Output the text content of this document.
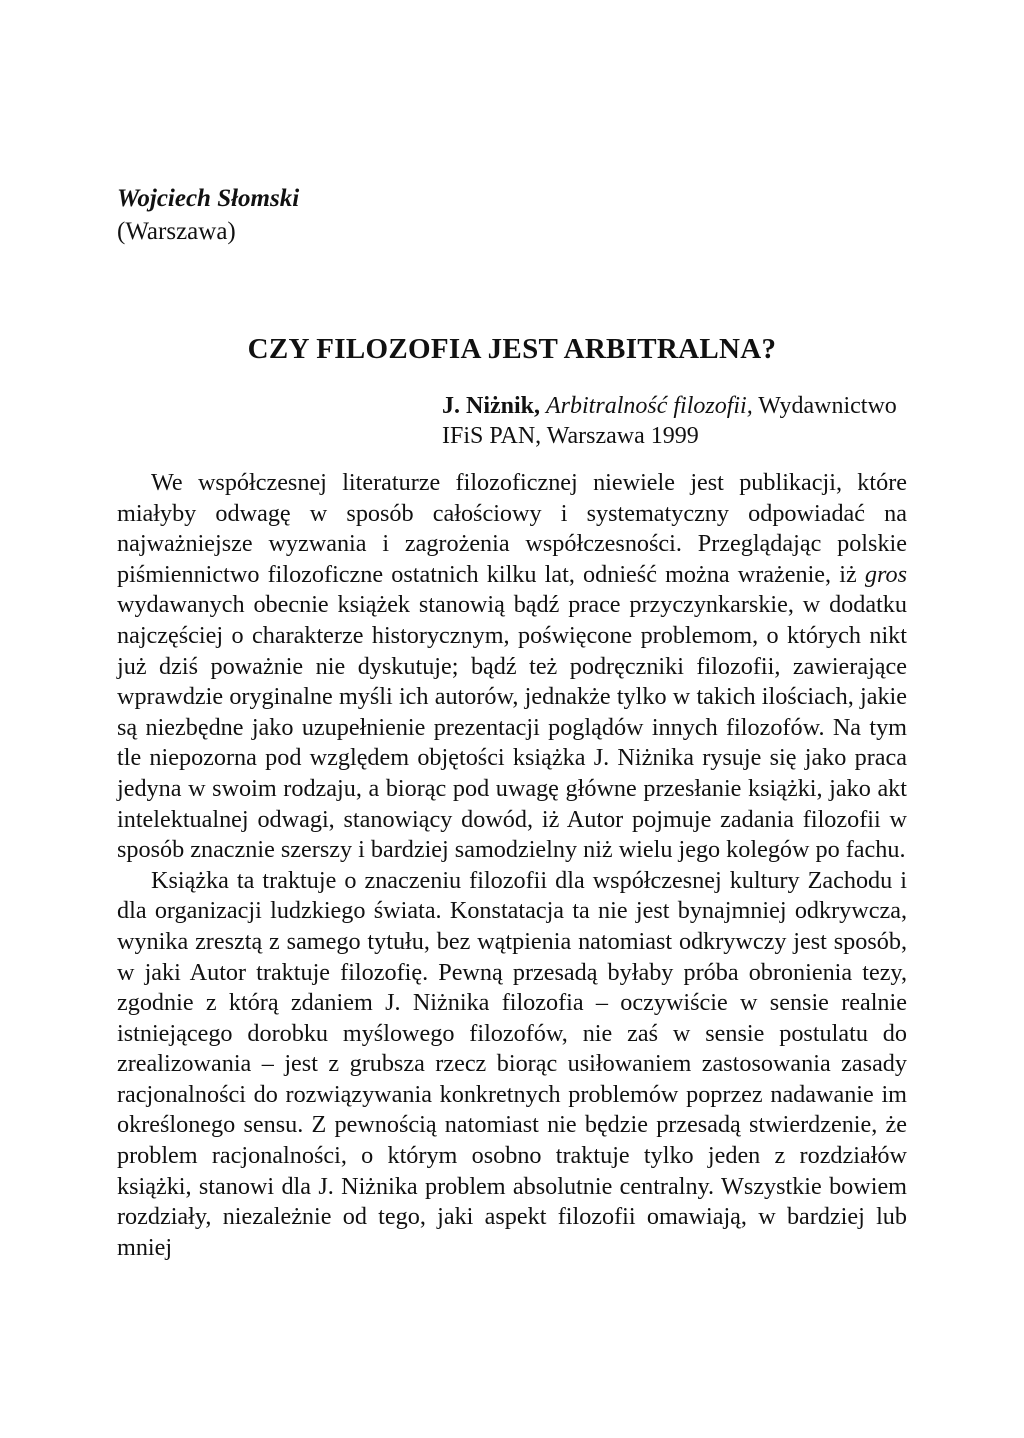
Wojciech Słomski
(Warszawa)
CZY FILOZOFIA JEST ARBITRALNA?
J. Niżnik, Arbitralność filozofii, Wydawnictwo IFiS PAN, Warszawa 1999

We współczesnej literaturze filozoficznej niewiele jest publikacji, które miałyby odwagę w sposób całościowy i systematyczny odpowiadać na najważniejsze wyzwania i zagrożenia współczesności. Przeglądając polskie piśmiennictwo filozoficzne ostatnich kilku lat, odnieść można wrażenie, iż gros wydawanych obecnie książek stanowią bądź prace przyczynkarskie, w dodatku najczęściej o charakterze historycznym, poświęcone problemom, o których nikt już dziś poważnie nie dyskutuje; bądź też podręczniki filozofii, zawierające wprawdzie oryginalne myśli ich autorów, jednakże tylko w takich ilościach, jakie są niezbędne jako uzupełnienie prezentacji poglądów innych filozofów. Na tym tle niepozorna pod względem objętości książka J. Niżnika rysuje się jako praca jedyna w swoim rodzaju, a biorąc pod uwagę główne przesłanie książki, jako akt intelektualnej odwagi, stanowiący dowód, iż Autor pojmuje zadania filozofii w sposób znacznie szerszy i bardziej samodzielny niż wielu jego kolegów po fachu.

Książka ta traktuje o znaczeniu filozofii dla współczesnej kultury Zachodu i dla organizacji ludzkiego świata. Konstatacja ta nie jest bynajmniej odkrywcza, wynika zresztą z samego tytułu, bez wątpienia natomiast odkrywczy jest sposób, w jaki Autor traktuje filozofię. Pewną przesadą byłaby próba obronienia tezy, zgodnie z którą zdaniem J. Niżnika filozofia – oczywiście w sensie realnie istniejącego dorobku myślowego filozofów, nie zaś w sensie postulatu do zrealizowania – jest z grubsza rzecz biorąc usiłowaniem zastosowania zasady racjonalności do rozwiązywania konkretnych problemów poprzez nadawanie im określonego sensu. Z pewnością natomiast nie będzie przesadą stwierdzenie, że problem racjonalności, o którym osobno traktuje tylko jeden z rozdziałów książki, stanowi dla J. Niżnika problem absolutnie centralny. Wszystkie bowiem rozdziały, niezależnie od tego, jaki aspekt filozofii omawiają, w bardziej lub mniej
